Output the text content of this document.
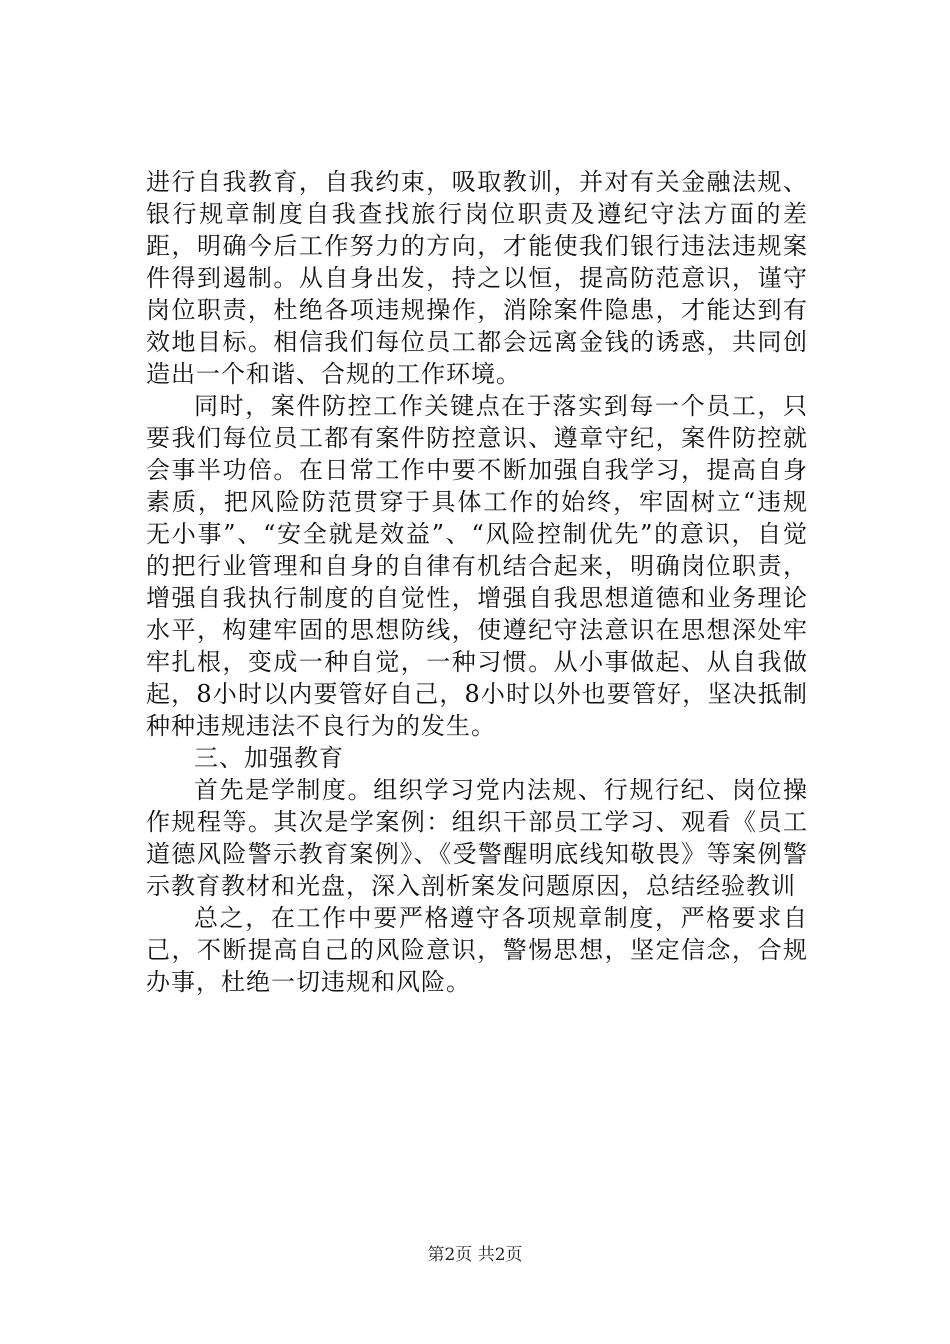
进行自我教育，自我约束，吸取教训，并对有关金融法规、银行规章制度自我查找旅行岗位职责及遵纪守法方面的差距，明确今后工作努力的方向，才能使我们银行违法违规案件得到遏制。从自身出发，持之以恒，提高防范意识，谨守岗位职责，杜绝各项违规操作，消除案件隐患，才能达到有效地目标。相信我们每位员工都会远离金钱的诱惑，共同创造出一个和谐、合规的工作环境。

同时，案件防控工作关键点在于落实到每一个员工，只要我们每位员工都有案件防控意识、遵章守纪，案件防控就会事半功倍。在日常工作中要不断加强自我学习，提高自身素质，把风险防范贯穿于具体工作的始终，牢固树立“违规无小事”、“安全就是效益”、“风险控制优先”的意识，自觉的把行业管理和自身的自律有机结合起来，明确岗位职责，增强自我执行制度的自觉性，增强自我思想道德和业务理论水平，构建牢固的思想防线，使遵纪守法意识在思想深处牢牢扎根，变成一种自觉，一种习惯。从小事做起、从自我做起，8小时以内要管好自己，8小时以外也要管好，坚决抵制种种违规违法不良行为的发生。

三、加强教育

首先是学制度。组织学习党内法规、行规行纪、岗位操作规程等。其次是学案例：组织干部员工学习、观看《员工道德风险警示教育案例》、《受警醒明底线知敬畏》等案例警示教育教材和光盘，深入剖析案发问题原因，总结经验教训

总之，在工作中要严格遵守各项规章制度，严格要求自己，不断提高自己的风险意识，警惕思想，坚定信念，合规办事，杜绝一切违规和风险。

第2页 共2页
